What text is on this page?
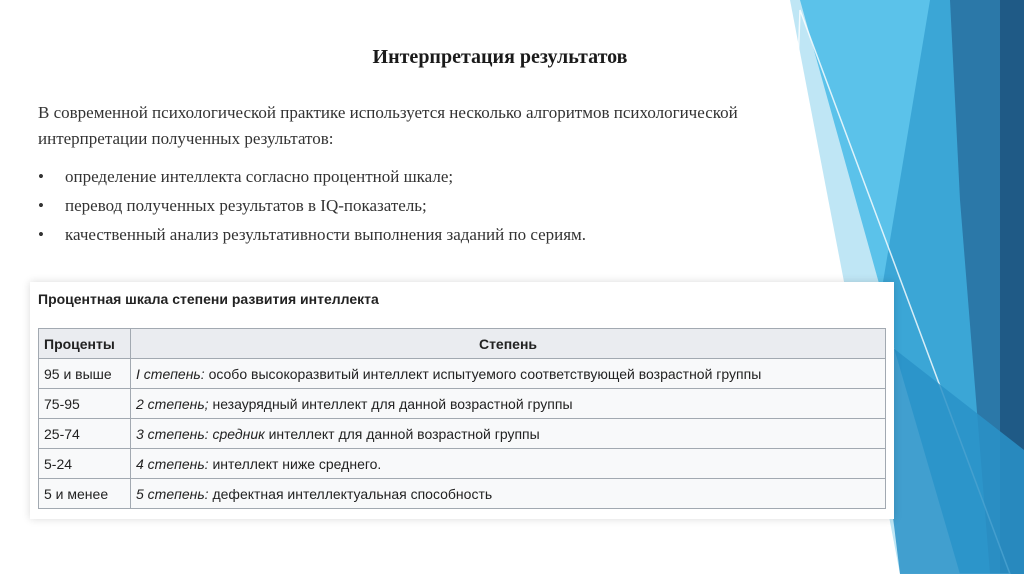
Интерпретация результатов

В современной психологической практике используется несколько алгоритмов психологической интерпретации полученных результатов:

•	определение интеллекта согласно процентной шкале;
•	перевод полученных результатов в IQ-показатель;
•	качественный анализ результативности выполнения заданий по сериям.
Процентная шкала степени развития интеллекта
Проценты	Степень
95 и выше	I степень: особо высокоразвитый интеллект испытуемого соответствующей возрастной группы
75-95	2 степень; незаурядный интеллект для данной возрастной группы
25-74	3 степень: средник интеллект для данной возрастной группы
5-24	4 степень: интеллект ниже среднего.
5 и менее	5 степень: дефектная интеллектуальная способность
